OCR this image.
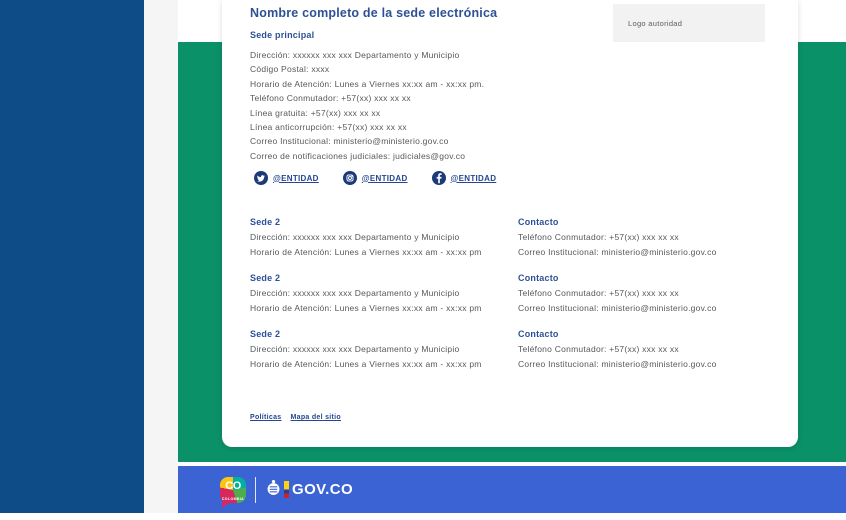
Nombre completo de la sede electrónica
Logo autoridad
Sede principal
Dirección: xxxxxx xxx xxx Departamento y Municipio
Código Postal: xxxx
Horario de Atención: Lunes a Viernes xx:xx am - xx:xx pm.
Teléfono Conmutador: +57(xx) xxx xx xx
Línea gratuita: +57(xx) xxx xx xx
Línea anticorrupción: +57(xx) xxx xx xx
Correo Institucional: ministerio@ministerio.gov.co
Correo de notificaciones judiciales: judiciales@gov.co
@ENTIDAD	@ENTIDAD	@ENTIDAD
Sede 2
Dirección: xxxxxx xxx xxx Departamento y Municipio
Horario de Atención: Lunes a Viernes xx:xx am - xx:xx pm
Contacto
Teléfono Conmutador: +57(xx) xxx xx xx
Correo Institucional: ministerio@ministerio.gov.co
Sede 2
Dirección: xxxxxx xxx xxx Departamento y Municipio
Horario de Atención: Lunes a Viernes xx:xx am - xx:xx pm
Contacto
Teléfono Conmutador: +57(xx) xxx xx xx
Correo Institucional: ministerio@ministerio.gov.co
Sede 2
Dirección: xxxxxx xxx xxx Departamento y Municipio
Horario de Atención: Lunes a Viernes xx:xx am - xx:xx pm
Contacto
Teléfono Conmutador: +57(xx) xxx xx xx
Correo Institucional: ministerio@ministerio.gov.co
Políticas Mapa del sitio
CO
COLOMBIA
GOV.CO
